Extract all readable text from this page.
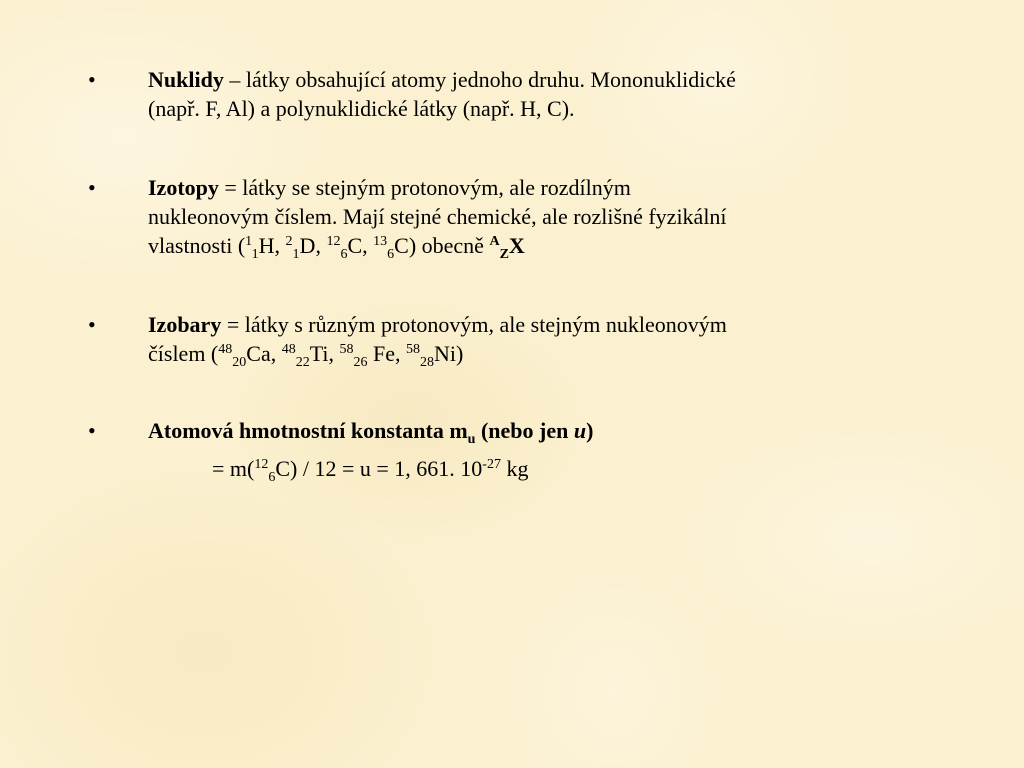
• Nuklidy – látky obsahující atomy jednoho druhu. Mononuklidické
(např. F, Al) a polynuklidické látky (např. H, C).
• Izotopy = látky se stejným protonovým, ale rozdílným
nukleonovým číslem. Mají stejné chemické, ale rozlišné fyzikální
vlastnosti ($^1_1$H, $^2_1$D, $^{12}_6$C, $^{13}_6$C) obecně $^A_Z$X
• Izobary = látky s různým protonovým, ale stejným nukleonovým
číslem ($^{48}_{20}$Ca, $^{48}_{22}$Ti, $^{58}_{26}$ Fe, $^{58}_{28}$Ni)
• Atomová hmotnostní konstanta $m_u$ (nebo jen u)
= m($^{12}_6$C) / 12 = u = 1, 661. $10^{-27}$ kg
